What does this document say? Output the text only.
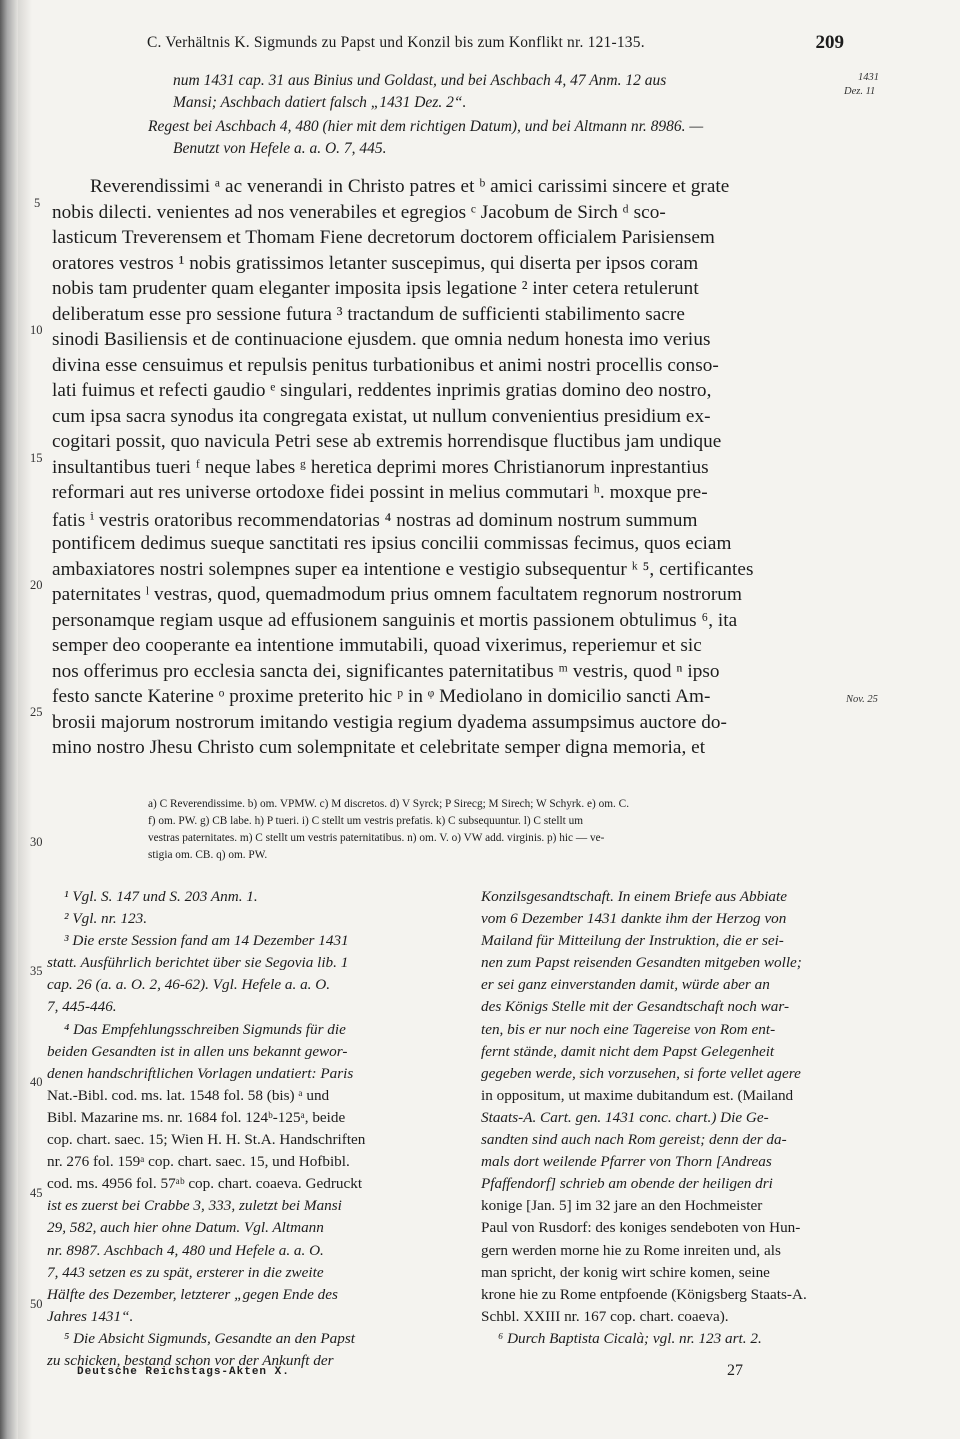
C. Verhältnis K. Sigmunds zu Papst und Konzil bis zum Konflikt nr. 121-135.	209

num 1431 cap. 31 aus Binius und Goldast, und bei Aschbach 4, 47 Anm. 12 aus

Mansi; Aschbach datiert falsch „1431 Dez. 2“.

Regest bei Aschbach 4, 480 (hier mit dem richtigen Datum), und bei Altmann nr. 8986. —

Benutzt von Hefele a. a. O. 7, 445.

1431
Dez. 11
Nov. 25
5
10
15
20
25
30
35
40
45
50
Reverendissimi ᵃ ac venerandi in Christo patres et ᵇ amici carissimi sincere et grate
nobis dilecti. venientes ad nos venerabiles et egregios ᶜ Jacobum de Sirch ᵈ sco-
lasticum Treverensem et Thomam Fiene decretorum doctorem officialem Parisiensem
oratores vestros ¹ nobis gratissimos letanter suscepimus, qui diserta per ipsos coram
nobis tam prudenter quam eleganter imposita ipsis legatione ² inter cetera retulerunt
deliberatum esse pro sessione futura ³ tractandum de sufficienti stabilimento sacre
sinodi Basiliensis et de continuacione ejusdem. que omnia nedum honesta imo verius
divina esse censuimus et repulsis penitus turbationibus et animi nostri procellis conso-
lati fuimus et refecti gaudio ᵉ singulari, reddentes inprimis gratias domino deo nostro,
cum ipsa sacra synodus ita congregata existat, ut nullum convenientius presidium ex-
cogitari possit, quo navicula Petri sese ab extremis horrendisque fluctibus jam undique
insultantibus tueri ᶠ neque labes ᵍ heretica deprimi mores Christianorum inprestantius
reformari aut res universe ortodoxe fidei possint in melius commutari ʰ. moxque pre-
fatis ⁱ vestris oratoribus recommendatorias ⁴ nostras ad dominum nostrum summum
pontificem dedimus sueque sanctitati res ipsius concilii commissas fecimus, quos eciam
ambaxiatores nostri solempnes super ea intentione e vestigio subsequentur ᵏ ⁵, certificantes
paternitates ˡ vestras, quod, quemadmodum prius omnem facultatem regnorum nostrorum
personamque regiam usque ad effusionem sanguinis et mortis passionem obtulimus ⁶, ita
semper deo cooperante ea intentione immutabili, quoad vixerimus, reperiemur et sic
nos offerimus pro ecclesia sancta dei, significantes paternitatibus ᵐ vestris, quod ⁿ ipso
festo sancte Katerine ᵒ proxime preterito hic ᵖ in ᵠ Mediolano in domicilio sancti Am-
brosii majorum nostrorum imitando vestigia regium dyadema assumpsimus auctore do-
mino nostro Jhesu Christo cum solempnitate et celebritate semper digna memoria, et
a) C Reverendissime. b) om. VPMW. c) M discretos. d) V Syrck; P Sirecg; M Sirech; W Schyrk. e) om. C.
f) om. PW. g) CB labe. h) P tueri. i) C stellt um vestris prefatis. k) C subsequuntur. l) C stellt um
vestras paternitates. m) C stellt um vestris paternitatibus. n) om. V. o) VW add. virginis. p) hic — ve-
stigia om. CB. q) om. PW.
¹ Vgl. S. 147 und S. 203 Anm. 1.
² Vgl. nr. 123.
³ Die erste Session fand am 14 Dezember 1431
statt. Ausführlich berichtet über sie Segovia lib. 1
cap. 26 (a. a. O. 2, 46-62). Vgl. Hefele a. a. O.
7, 445-446.
⁴ Das Empfehlungsschreiben Sigmunds für die
beiden Gesandten ist in allen uns bekannt gewor-
denen handschriftlichen Vorlagen undatiert: Paris
Nat.-Bibl. cod. ms. lat. 1548 fol. 58 (bis) ᵃ und
Bibl. Mazarine ms. nr. 1684 fol. 124ᵇ-125ᵃ, beide
cop. chart. saec. 15; Wien H. H. St.A. Handschriften
nr. 276 fol. 159ᵃ cop. chart. saec. 15, und Hofbibl.
cod. ms. 4956 fol. 57ᵃᵇ cop. chart. coaeva. Gedruckt
ist es zuerst bei Crabbe 3, 333, zuletzt bei Mansi
29, 582, auch hier ohne Datum. Vgl. Altmann
nr. 8987. Aschbach 4, 480 und Hefele a. a. O.
7, 443 setzen es zu spät, ersterer in die zweite
Hälfte des Dezember, letzterer „gegen Ende des
Jahres 1431“.
⁵ Die Absicht Sigmunds, Gesandte an den Papst
zu schicken, bestand schon vor der Ankunft der
Konzilsgesandtschaft. In einem Briefe aus Abbiate
vom 6 Dezember 1431 dankte ihm der Herzog von
Mailand für Mitteilung der Instruktion, die er sei-
nen zum Papst reisenden Gesandten mitgeben wolle;
er sei ganz einverstanden damit, würde aber an
des Königs Stelle mit der Gesandtschaft noch war-
ten, bis er nur noch eine Tagereise von Rom ent-
fernt stände, damit nicht dem Papst Gelegenheit
gegeben werde, sich vorzusehen, si forte vellet agere
in oppositum, ut maxime dubitandum est. (Mailand
Staats-A. Cart. gen. 1431 conc. chart.) Die Ge-
sandten sind auch nach Rom gereist; denn der da-
mals dort weilende Pfarrer von Thorn [Andreas
Pfaffendorf] schrieb am obende der heiligen dri
konige [Jan. 5] im 32 jare an den Hochmeister
Paul von Rusdorf: des koniges sendeboten von Hun-
gern werden morne hie zu Rome inreiten und, als
man spricht, der konig wirt schire komen, seine
krone hie zu Rome entpfoende (Königsberg Staats-A.
Schbl. XXIII nr. 167 cop. chart. coaeva).
⁶ Durch Baptista Cicalà; vgl. nr. 123 art. 2.
Deutsche Reichstags-Akten X.	27
